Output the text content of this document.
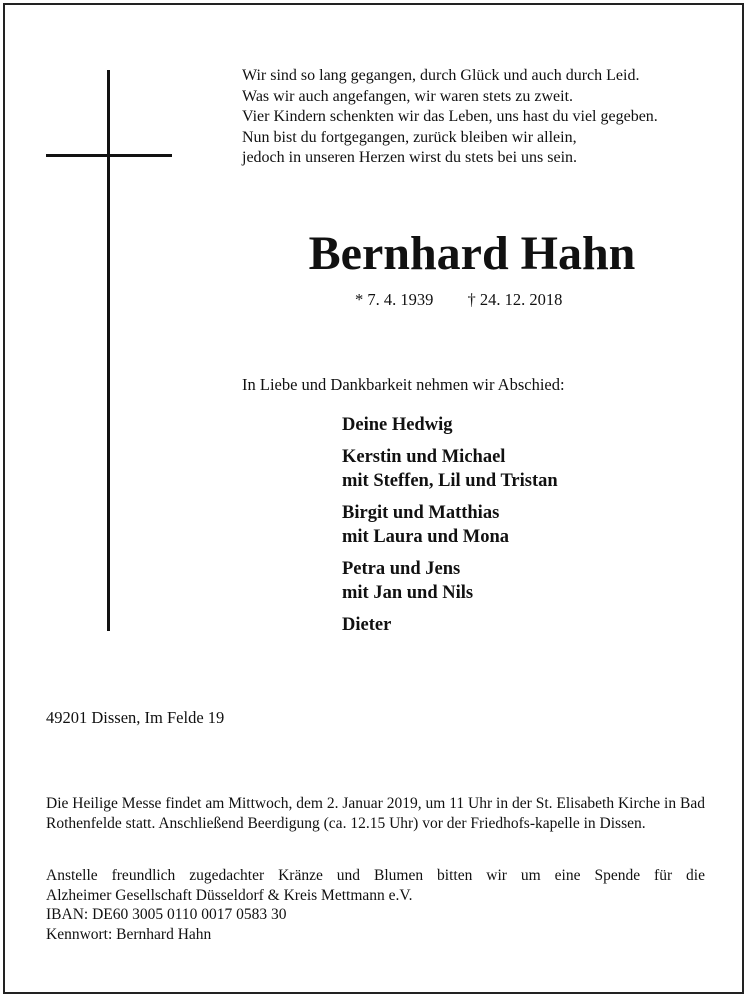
Wir sind so lang gegangen, durch Glück und auch durch Leid.
Was wir auch angefangen, wir waren stets zu zweit.
Vier Kindern schenkten wir das Leben, uns hast du viel gegeben.
Nun bist du fortgegangen, zurück bleiben wir allein,
jedoch in unseren Herzen wirst du stets bei uns sein.
Bernhard Hahn
* 7. 4. 1939 † 24. 12. 2018
In Liebe und Dankbarkeit nehmen wir Abschied:
Deine Hedwig
Kerstin und Michael
mit Steffen, Lil und Tristan
Birgit und Matthias
mit Laura und Mona
Petra und Jens
mit Jan und Nils
Dieter
49201 Dissen, Im Felde 19
Die Heilige Messe findet am Mittwoch, dem 2. Januar 2019, um 11 Uhr in der St. Elisabeth Kirche in Bad Rothenfelde statt. Anschließend Beerdigung (ca. 12.15 Uhr) vor der Friedhofs-kapelle in Dissen.
Anstelle freundlich zugedachter Kränze und Blumen bitten wir um eine Spende für die
Alzheimer Gesellschaft Düsseldorf & Kreis Mettmann e.V.
IBAN: DE60 3005 0110 0017 0583 30
Kennwort: Bernhard Hahn
